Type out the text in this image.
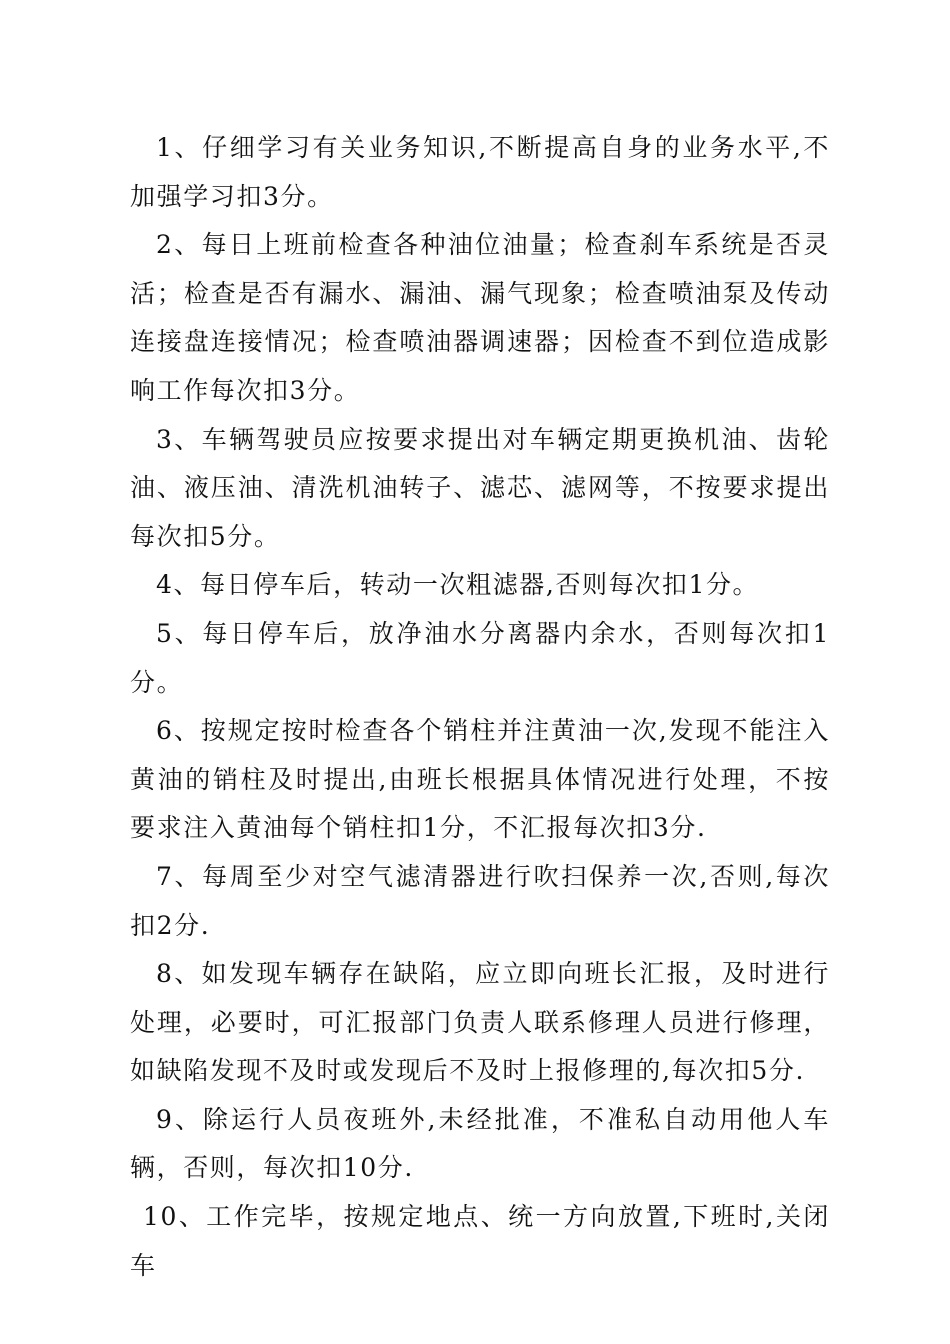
1、仔细学习有关业务知识,不断提高自身的业务水平,不加强学习扣3分。

2、每日上班前检查各种油位油量；检查刹车系统是否灵活；检查是否有漏水、漏油、漏气现象；检查喷油泵及传动连接盘连接情况；检查喷油器调速器；因检查不到位造成影响工作每次扣3分。

3、车辆驾驶员应按要求提出对车辆定期更换机油、齿轮油、液压油、清洗机油转子、滤芯、滤网等，不按要求提出每次扣5分。

4、每日停车后，转动一次粗滤器,否则每次扣1分。

5、每日停车后，放净油水分离器内余水，否则每次扣1分。

6、按规定按时检查各个销柱并注黄油一次,发现不能注入黄油的销柱及时提出,由班长根据具体情况进行处理，不按要求注入黄油每个销柱扣1分，不汇报每次扣3分.

7、每周至少对空气滤清器进行吹扫保养一次,否则,每次扣2分.

8、如发现车辆存在缺陷，应立即向班长汇报，及时进行处理，必要时，可汇报部门负责人联系修理人员进行修理，如缺陷发现不及时或发现后不及时上报修理的,每次扣5分.

9、除运行人员夜班外,未经批准，不准私自动用他人车辆，否则，每次扣10分.

10、工作完毕，按规定地点、统一方向放置,下班时,关闭车
